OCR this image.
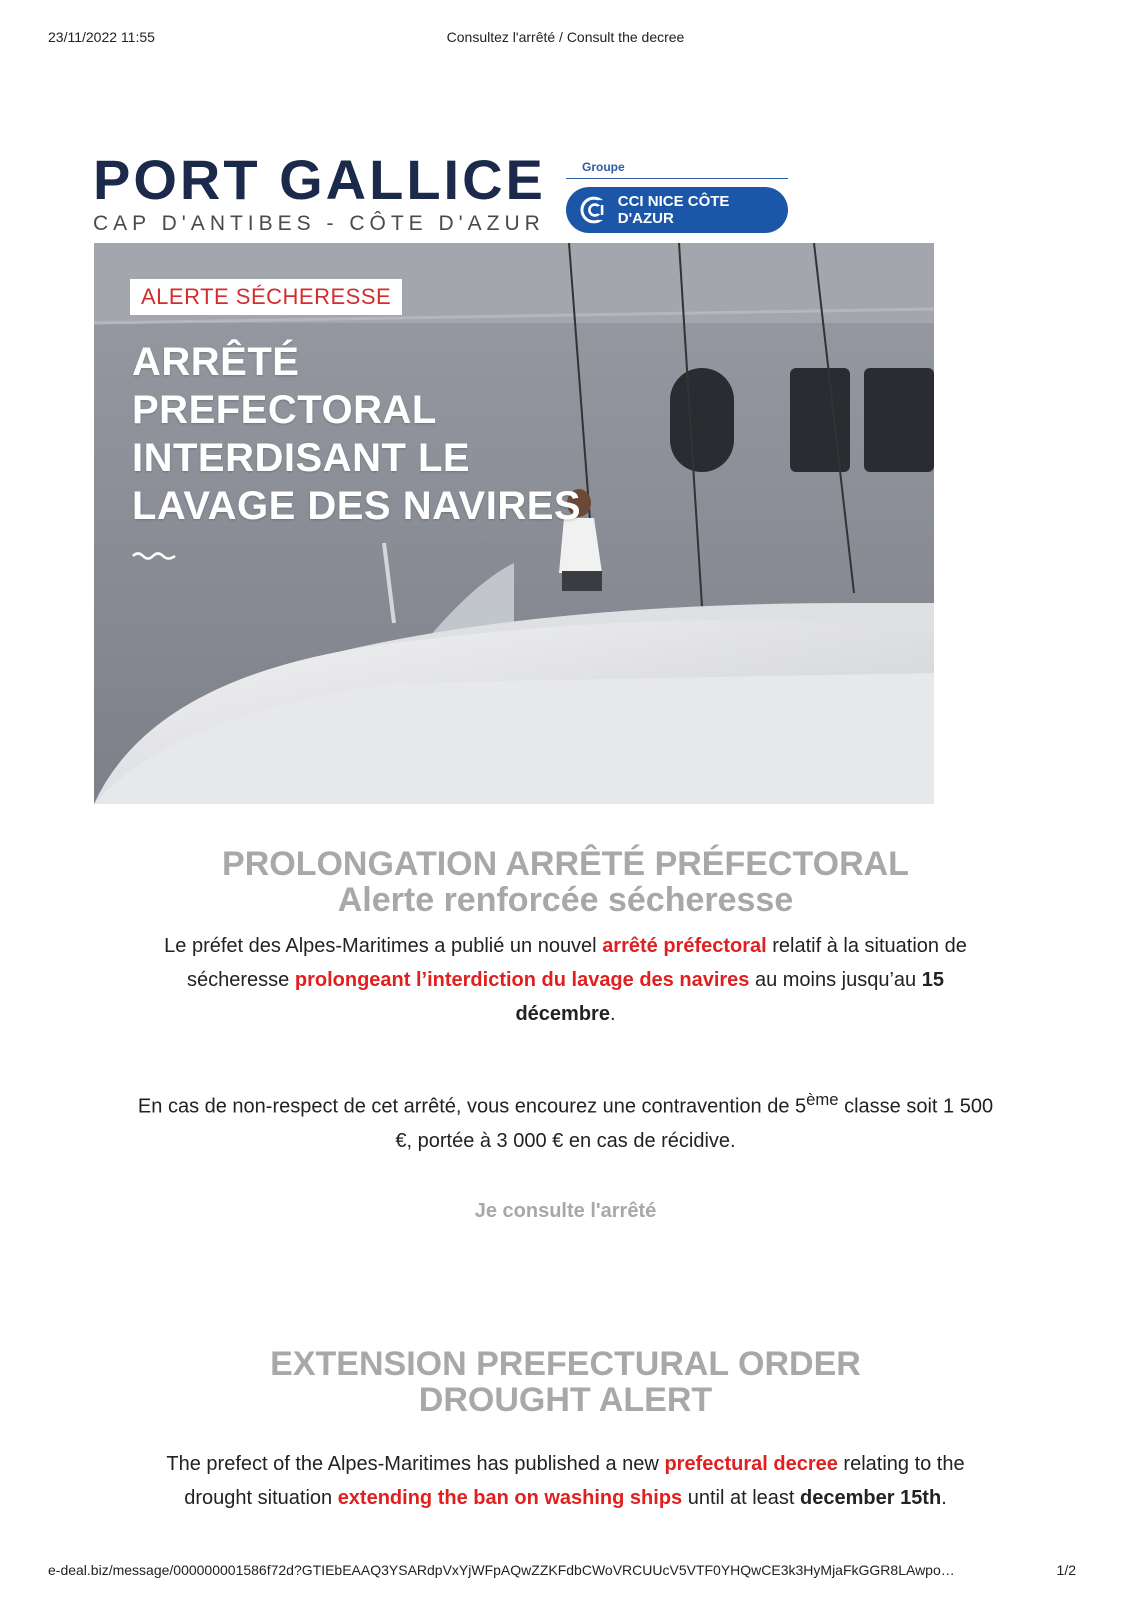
23/11/2022 11:55	Consultez l'arrêté / Consult the decree
PORT GALLICE
CAP D'ANTIBES - CÔTE D'AZUR
Groupe
CCI NICE CÔTE D'AZUR
ALERTE SÉCHERESSE
ARRÊTÉ
PREFECTORAL
INTERDISANT LE
LAVAGE DES NAVIRES
PROLONGATION ARRÊTÉ PRÉFECTORAL
Alerte renforcée sécheresse

Le préfet des Alpes-Maritimes a publié un nouvel arrêté préfectoral relatif à la situation de sécheresse prolongeant l’interdiction du lavage des navires au moins jusqu’au 15 décembre.

En cas de non-respect de cet arrêté, vous encourez une contravention de 5ème classe soit 1 500 €, portée à 3 000 € en cas de récidive.

Je consulte l'arrêté
EXTENSION PREFECTURAL ORDER
DROUGHT ALERT

The prefect of the Alpes-Maritimes has published a new prefectural decree relating to the drought situation extending the ban on washing ships until at least december 15th.

e-deal.biz/message/000000001586f72d?GTIEbEAAQ3YSARdpVxYjWFpAQwZZKFdbCWoVRCUUcV5VTF0YHQwCE3k3HyMjaFkGGR8LAwpo…	1/2
